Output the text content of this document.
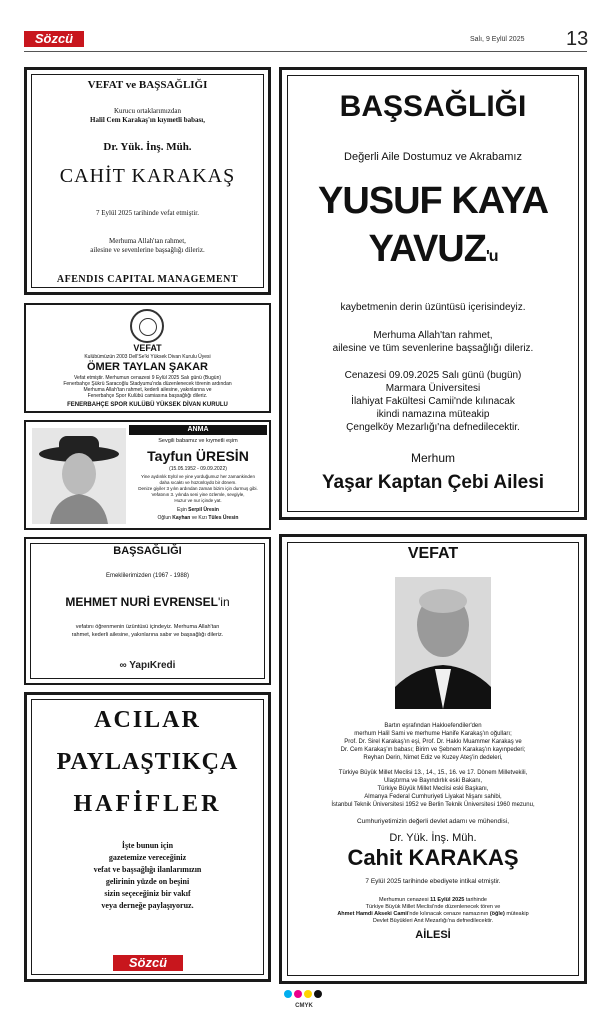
Sözcü	Salı, 9 Eylül 2025 13
VEFAT ve BAŞSAĞLIĞI
Kurucu ortaklarımızdan
Halil Cem Karakaş'ın kıymetli babası,
Dr. Yük. İnş. Müh.
CAHİT KARAKAŞ
7 Eylül 2025 tarihinde vefat etmiştir.
Merhuma Allah'tan rahmet,
ailesine ve sevenlerine başsağlığı dileriz.
AFENDIS CAPITAL MANAGEMENT
VEFAT
Kulübümüzün 2003 Dell'Se'ki Yüksek Divan Kurulu Üyesi
ÖMER TAYLAN ŞAKAR
Vefat etmiştir. Merhumun cenazesi 9 Eylül 2025 Salı günü (Bugün)
Fenerbahçe Şükrü Saracoğlu Stadyumu'nda düzenlenecek törenin ardından
Merhuma Allah'tan rahmet, kederli ailesine, yakınlarına ve
Fenerbahçe Spor Kulübü camiasına başsağlığı dileriz.
FENERBAHÇE SPOR KULÜBÜ YÜKSEK DİVAN KURULU
ANMA
Sevgili babamız ve kıymetli eşim
Tayfun ÜRESİN
(15.05.1952 - 09.09.2022)
Yine aydınlık Eylül ve yine yorduğumuz her zamankinden
daha sıcaktı ve hüzünlüydü bir dönem.
Denize giyiler 3 yılın ardından zaman bizim için durmuş gibi.
Vefatının 3. yılında seni yine özlemle, sevgiyle,
Huzur ve nur içinde yat.
Eşin Serpil Üresin
Oğlun Kayhan ve Kızı Tüles Üresin
BAŞSAĞLIĞI
Emeklilerimizden (1967 - 1988)
MEHMET NURİ EVRENSEL'in
vefatını öğrenmenin üzüntüsü içindeyiz. Merhuma Allah'tan
rahmet, kederli ailesine, yakınlarına sabır ve başsağlığı dileriz.
∞ YapıKredi
ACILAR
PAYLAŞTIKÇA
HAFİFLER
İşte bunun için
gazetemize vereceğiniz
vefat ve başsağlığı ilanlarımızın
gelirinin yüzde on beşini
sizin seçeceğiniz bir vakıf
veya derneğe paylaşıyoruz.
Sözcü
BAŞSAĞLIĞI
Değerli Aile Dostumuz ve Akrabamız
YUSUF KAYA
YAVUZ'u
kaybetmenin derin üzüntüsü içerisindeyiz.
Merhuma Allah'tan rahmet,
ailesine ve tüm sevenlerine başsağlığı dileriz.
Cenazesi 09.09.2025 Salı günü (bugün)
Marmara Üniversitesi
İlahiyat Fakültesi Camii'nde kılınacak
ikindi namazına müteakip
Çengelköy Mezarlığı'na defnedilecektir.
Merhum
Yaşar Kaptan Çebi Ailesi
VEFAT
Bartın eşrafından Hakkıefendiler'den
merhum Halil Sami ve merhume Hanife Karakaş'ın oğulları;
Prof. Dr. Sirel Karakaş'ın eşi, Prof. Dr. Hakkı Muammer Karakaş ve
Dr. Cem Karakaş'ın babası; Birim ve Şebnem Karakaş'ın kayınpederi;
Reyhan Derin, Nimet Ediz ve Kuzey Ateş'in dedeleri,
Türkiye Büyük Millet Meclisi 13., 14., 15., 16. ve 17. Dönem Milletvekili,
Ulaştırma ve Bayındırlık eski Bakanı,
Türkiye Büyük Millet Meclisi eski Başkanı,
Almanya Federal Cumhuriyeti Liyakat Nişanı sahibi,
İstanbul Teknik Üniversitesi 1952 ve Berlin Teknik Üniversitesi 1960 mezunu,
Cumhuriyetimizin değerli devlet adamı ve mühendisi,
Dr. Yük. İnş. Müh.
Cahit KARAKAŞ
7 Eylül 2025 tarihinde ebediyete intikal etmiştir.
Merhumun cenazesi 11 Eylül 2025 tarihinde
Türkiye Büyük Millet Meclisi'nde düzenlenecek tören ve
Ahmet Hamdi Akseki Camii'nde kılınacak cenaze namazının (öğle) müteakip
Devlet Büyükleri Anıt Mezarlığı'na defnedilecektir.
AİLESİ
CMYK
